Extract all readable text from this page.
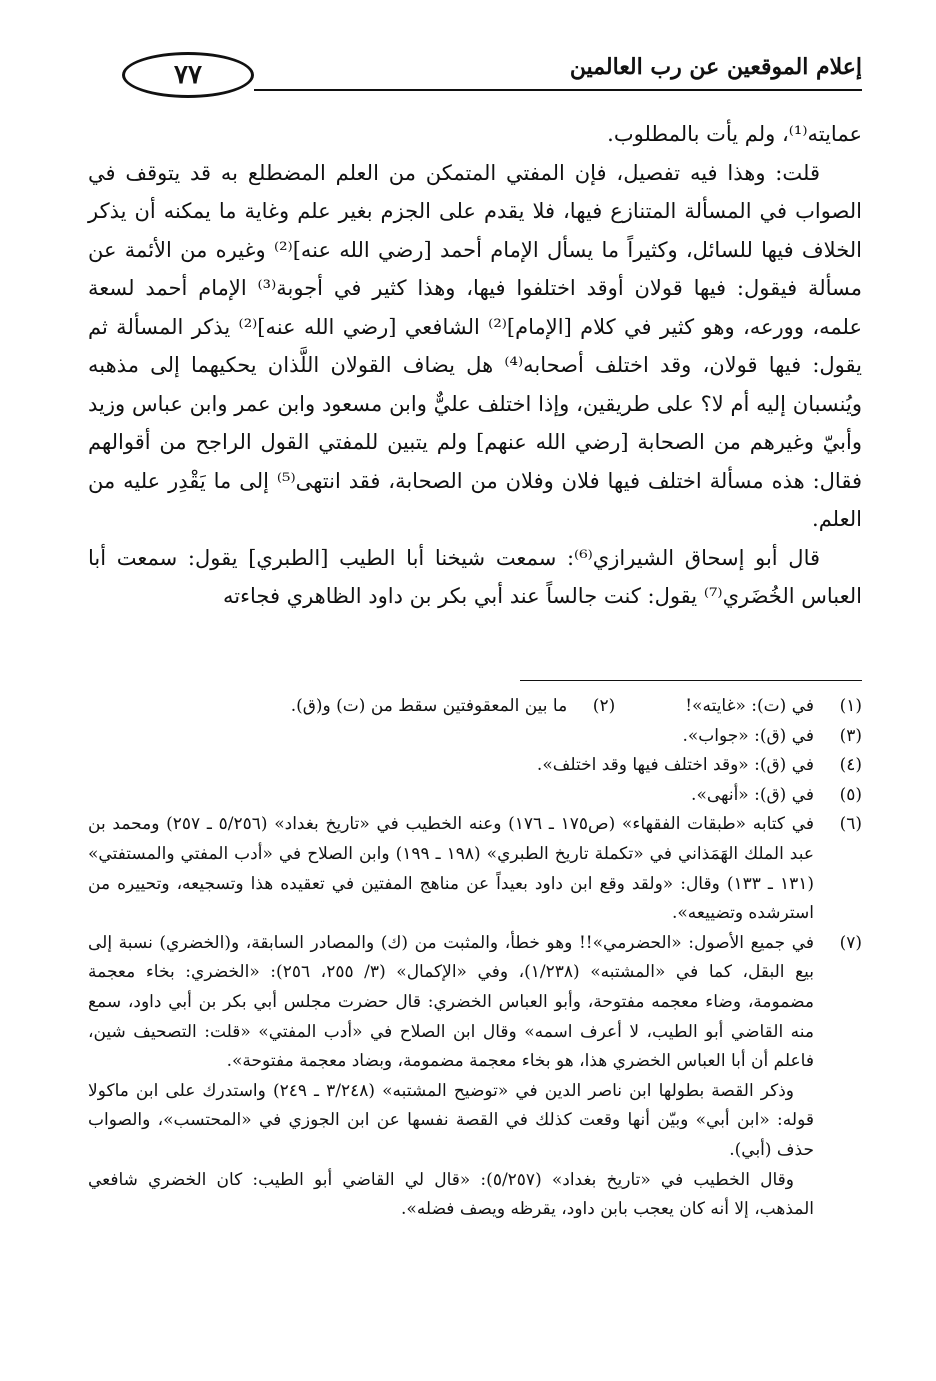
٧٧	إعلام الموقعين عن رب العالمين

عمايته⁽¹⁾، ولم يأت بالمطلوب.

قلت: وهذا فيه تفصيل، فإن المفتي المتمكن من العلم المضطلع به قد يتوقف في الصواب في المسألة المتنازع فيها، فلا يقدم على الجزم بغير علم وغاية ما يمكنه أن يذكر الخلاف فيها للسائل، وكثيراً ما يسأل الإمام أحمد [رضي الله عنه]⁽²⁾ وغيره من الأئمة عن مسألة فيقول: فيها قولان أوقد اختلفوا فيها، وهذا كثير في أجوبة⁽³⁾ الإمام أحمد لسعة علمه، وورعه، وهو كثير في كلام [الإمام]⁽²⁾ الشافعي [رضي الله عنه]⁽²⁾ يذكر المسألة ثم يقول: فيها قولان، وقد اختلف أصحابه⁽⁴⁾ هل يضاف القولان اللَّذان يحكيهما إلى مذهبه ويُنسبان إليه أم لا؟ على طريقين، وإذا اختلف عليٌّ وابن مسعود وابن عمر وابن عباس وزيد وأبيّ وغيرهم من الصحابة [رضي الله عنهم] ولم يتبين للمفتي القول الراجح من أقوالهم فقال: هذه مسألة اختلف فيها فلان وفلان من الصحابة، فقد انتهى⁽⁵⁾ إلى ما يَقْدِر عليه من العلم.

قال أبو إسحاق الشيرازي⁽⁶⁾: سمعت شيخنا أبا الطيب [الطبري] يقول: سمعت أبا العباس الخُضَري⁽⁷⁾ يقول: كنت جالساً عند أبي بكر بن داود الظاهري فجاءته

(١)
في (ت): «غايته»!
(٢)
ما بين المعقوفتين سقط من (ت) و(ق).
(٣)
في (ق): «جواب».
(٤)
في (ق): «وقد اختلف فيها وقد اختلف».
(٥)
في (ق): «أنهى».
(٦)
في كتابه «طبقات الفقهاء» (ص١٧٥ ـ ١٧٦) وعنه الخطيب في «تاريخ بغداد» (٥/٢٥٦ ـ ٢٥٧) ومحمد بن عبد الملك الهَمَذاني في «تكملة تاريخ الطبري» (١٩٨ ـ ١٩٩) وابن الصلاح في «أدب المفتي والمستفتي» (١٣١ ـ ١٣٣) وقال: «ولقد وقع ابن داود بعيداً عن مناهج المفتين في تعقيده هذا وتسجيعه، وتحييره من استرشده وتضييعه».
(٧)
في جميع الأصول: «الحضرمي»!! وهو خطأ، والمثبت من (ك) والمصادر السابقة، و(الخضري) نسبة إلى بيع البقل، كما في «المشتبه» (١/٢٣٨)، وفي «الإكمال» (٣/ ٢٥٥، ٢٥٦): «الخضري: بخاء معجمة مضمومة، وضاء معجمه مفتوحة، وأبو العباس الخضري: قال حضرت مجلس أبي بكر بن أبي داود، سمع منه القاضي أبو الطيب، لا أعرف اسمه» وقال ابن الصلاح في «أدب المفتي» «قلت: التصحيف شين، فاعلم أن أبا العباس الخضري هذا، هو بخاء معجمة مضمومة، وبضاد معجمة مفتوحة».

وذكر القصة بطولها ابن ناصر الدين في «توضيح المشتبه» (٣/٢٤٨ ـ ٢٤٩) واستدرك على ابن ماكولا قوله: «ابن أبي» وبيّن أنها وقعت كذلك في القصة نفسها عن ابن الجوزي في «المحتسب»، والصواب حذف (أبي).

وقال الخطيب في «تاريخ بغداد» (٥/٢٥٧): «قال لي القاضي أبو الطيب: كان الخضري شافعي المذهب، إلا أنه كان يعجب بابن داود، يقرظه ويصف فضله».
